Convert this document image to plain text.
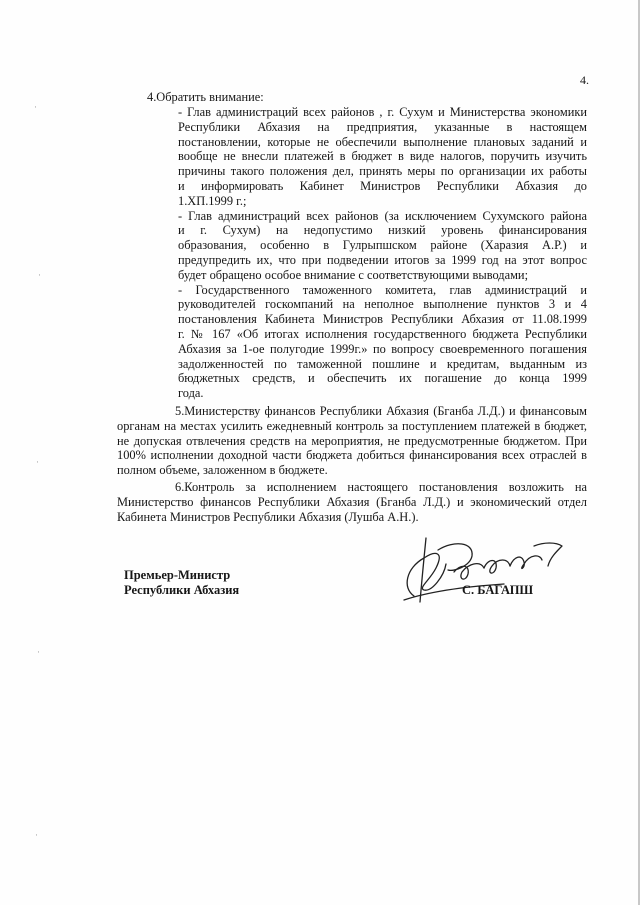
4.
·
·
·
·
·
4.Обратить внимание:
- Глав администраций всех районов , г. Сухум и Министерства экономики
Республики Абхазия на предприятия, указанные в настоящем
постановлении, которые не обеспечили выполнение плановых заданий и
вообще не внесли платежей в бюджет в виде налогов, поручить изучить
причины такого положения дел, принять меры по организации их работы
и информировать Кабинет Министров Республики Абхазия до
1.ХП.1999 г.;
- Глав администраций всех районов (за исключением Сухумского района
и г. Сухум) на недопустимо низкий уровень финансирования
образования, особенно в Гулрыпшском районе (Харазия А.Р.) и
предупредить их, что при подведении итогов за 1999 год на этот вопрос
будет обращено особое внимание с соответствующими выводами;
- Государственного таможенного комитета, глав администраций и
руководителей госкомпаний на неполное выполнение пунктов 3 и 4
постановления Кабинета Министров Республики Абхазия от 11.08.1999
г. № 167 «Об итогах исполнения государственного бюджета Республики
Абхазия за 1-ое полугодие 1999г.» по вопросу своевременного погашения
задолженностей по таможенной пошлине и кредитам, выданным из
бюджетных средств, и обеспечить их погашение до конца 1999
года.
5.Министерству финансов Республики Абхазия (Бганба Л.Д.) и финансовым
органам на местах усилить ежедневный контроль за поступлением платежей в бюджет,
не допуская отвлечения средств на мероприятия, не предусмотренные бюджетом. При
100% исполнении доходной части бюджета добиться финансирования всех отраслей в
полном объеме, заложенном в бюджете.
6.Контроль за исполнением настоящего постановления возложить на
Министерство финансов Республики Абхазия (Бганба Л.Д.) и экономический отдел
Кабинета Министров Республики Абхазия (Лушба А.Н.).
Премьер-Министр
Республики Абхазия	С. БАГАПШ
